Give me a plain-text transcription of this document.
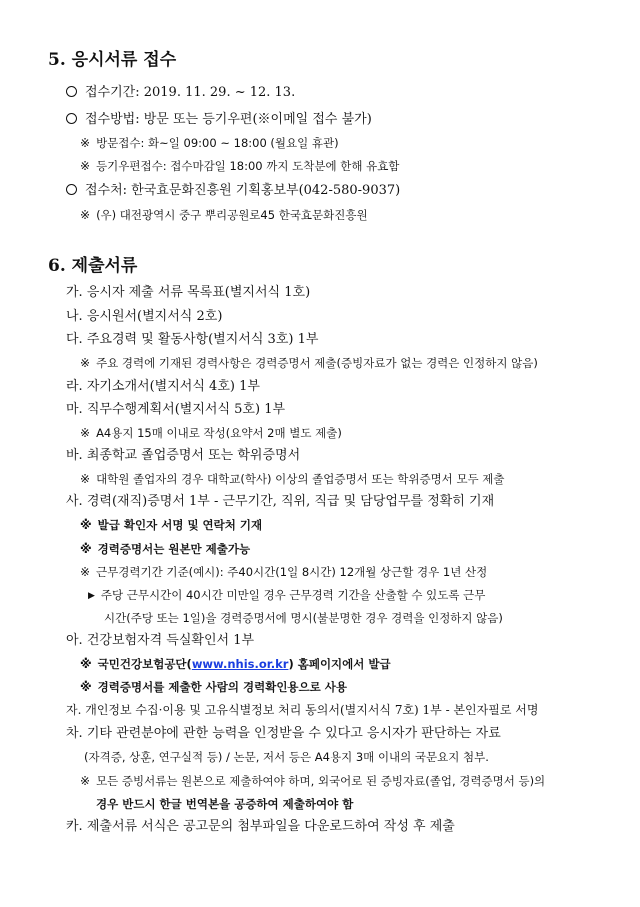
5. 응시서류 접수
접수기간: 2019. 11. 29. ~ 12. 13.
접수방법: 방문 또는 등기우편(※이메일 접수 불가)
※ 방문접수: 화~일 09:00 ~ 18:00 (월요일 휴관)
※ 등기우편접수: 접수마감일 18:00 까지 도착분에 한해 유효함
접수처: 한국효문화진흥원 기획홍보부(042-580-9037)
※ (우) 대전광역시 중구 뿌리공원로45 한국효문화진흥원
6. 제출서류
가. 응시자 제출 서류 목록표(별지서식 1호)
나. 응시원서(별지서식 2호)
다. 주요경력 및 활동사항(별지서식 3호) 1부
※ 주요 경력에 기재된 경력사항은 경력증명서 제출(증빙자료가 없는 경력은 인정하지 않음)
라. 자기소개서(별지서식 4호) 1부
마. 직무수행계획서(별지서식 5호) 1부
※ A4용지 15매 이내로 작성(요약서 2매 별도 제출)
바. 최종학교 졸업증명서 또는 학위증명서
※ 대학원 졸업자의 경우 대학교(학사) 이상의 졸업증명서 또는 학위증명서 모두 제출
사. 경력(재직)증명서 1부 - 근무기간, 직위, 직급 및 담당업무를 정확히 기재
※ 발급 확인자 서명 및 연락처 기재
※ 경력증명서는 원본만 제출가능
※ 근무경력기간 기준(예시): 주40시간(1일 8시간) 12개월 상근할 경우 1년 산정
▶ 주당 근무시간이 40시간 미만일 경우 근무경력 기간을 산출할 수 있도록 근무
시간(주당 또는 1일)을 경력증명서에 명시(불분명한 경우 경력을 인정하지 않음)
아. 건강보험자격 득실확인서 1부
※ 국민건강보험공단(www.nhis.or.kr) 홈페이지에서 발급
※ 경력증명서를 제출한 사람의 경력확인용으로 사용
자. 개인정보 수집·이용 및 고유식별정보 처리 동의서(별지서식 7호) 1부 - 본인자필로 서명
차. 기타 관련분야에 관한 능력을 인정받을 수 있다고 응시자가 판단하는 자료
(자격증, 상훈, 연구실적 등) / 논문, 저서 등은 A4용지 3매 이내의 국문요지 첨부.
※ 모든 증빙서류는 원본으로 제출하여야 하며, 외국어로 된 증빙자료(졸업, 경력증명서 등)의
경우 반드시 한글 번역본을 공증하여 제출하여야 함
카. 제출서류 서식은 공고문의 첨부파일을 다운로드하여 작성 후 제출
